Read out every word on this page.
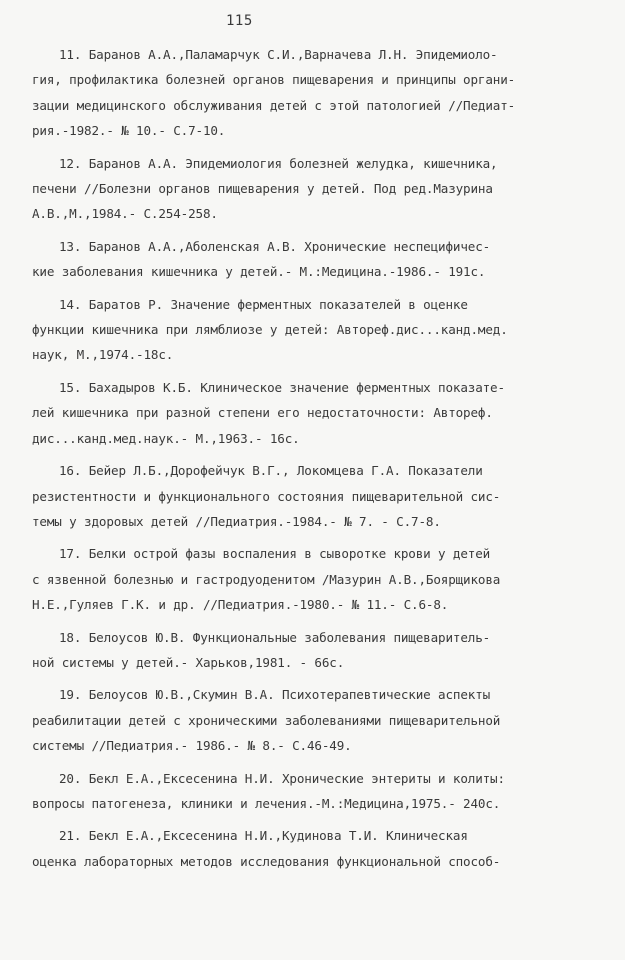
115
11. Баранов А.А.,Паламарчук С.И.,Варначева Л.Н. Эпидемиоло-
гия, профилактика болезней органов пищеварения и принципы органи-
зации медицинского обслуживания детей с этой патологией //Педиат-
рия.-1982.- № 10.- С.7-10.
12. Баранов А.А. Эпидемиология болезней желудка, кишечника,
печени //Болезни органов пищеварения у детей. Под ред.Мазурина
А.В.,М.,1984.- С.254-258.
13. Баранов А.А.,Аболенская А.В. Хронические неспецифичес-
кие заболевания кишечника у детей.- М.:Медицина.-1986.- 191с.
14. Баратов Р. Значение ферментных показателей в оценке
функции кишечника при лямблиозе у детей: Автореф.дис...канд.мед.
наук, М.,1974.-18с.
15. Бахадыров К.Б. Клиническое значение ферментных показате-
лей кишечника при разной степени его недостаточности: Автореф.
дис...канд.мед.наук.- М.,1963.- 16с.
16. Бейер Л.Б.,Дорофейчук В.Г., Локомцева Г.А. Показатели
резистентности и функционального состояния пищеварительной сис-
темы у здоровых детей //Педиатрия.-1984.- № 7. - С.7-8.
17. Белки острой фазы воспаления в сыворотке крови у детей
с язвенной болезнью и гастродуоденитом /Мазурин А.В.,Боярщикова
Н.Е.,Гуляев Г.К. и др. //Педиатрия.-1980.- № 11.- С.6-8.
18. Белоусов Ю.В. Функциональные заболевания пищеваритель-
ной системы у детей.- Харьков,1981. - 66с.
19. Белоусов Ю.В.,Скумин В.А. Психотерапевтические аспекты
реабилитации детей с хроническими заболеваниями пищеварительной
системы //Педиатрия.- 1986.- № 8.- С.46-49.
20. Бекл Е.А.,Ексесенина Н.И. Хронические энтериты и колиты:
вопросы патогенеза, клиники и лечения.-М.:Медицина,1975.- 240с.
21. Бекл Е.А.,Ексесенина Н.И.,Кудинова Т.И. Клиническая
оценка лабораторных методов исследования функциональной способ-
